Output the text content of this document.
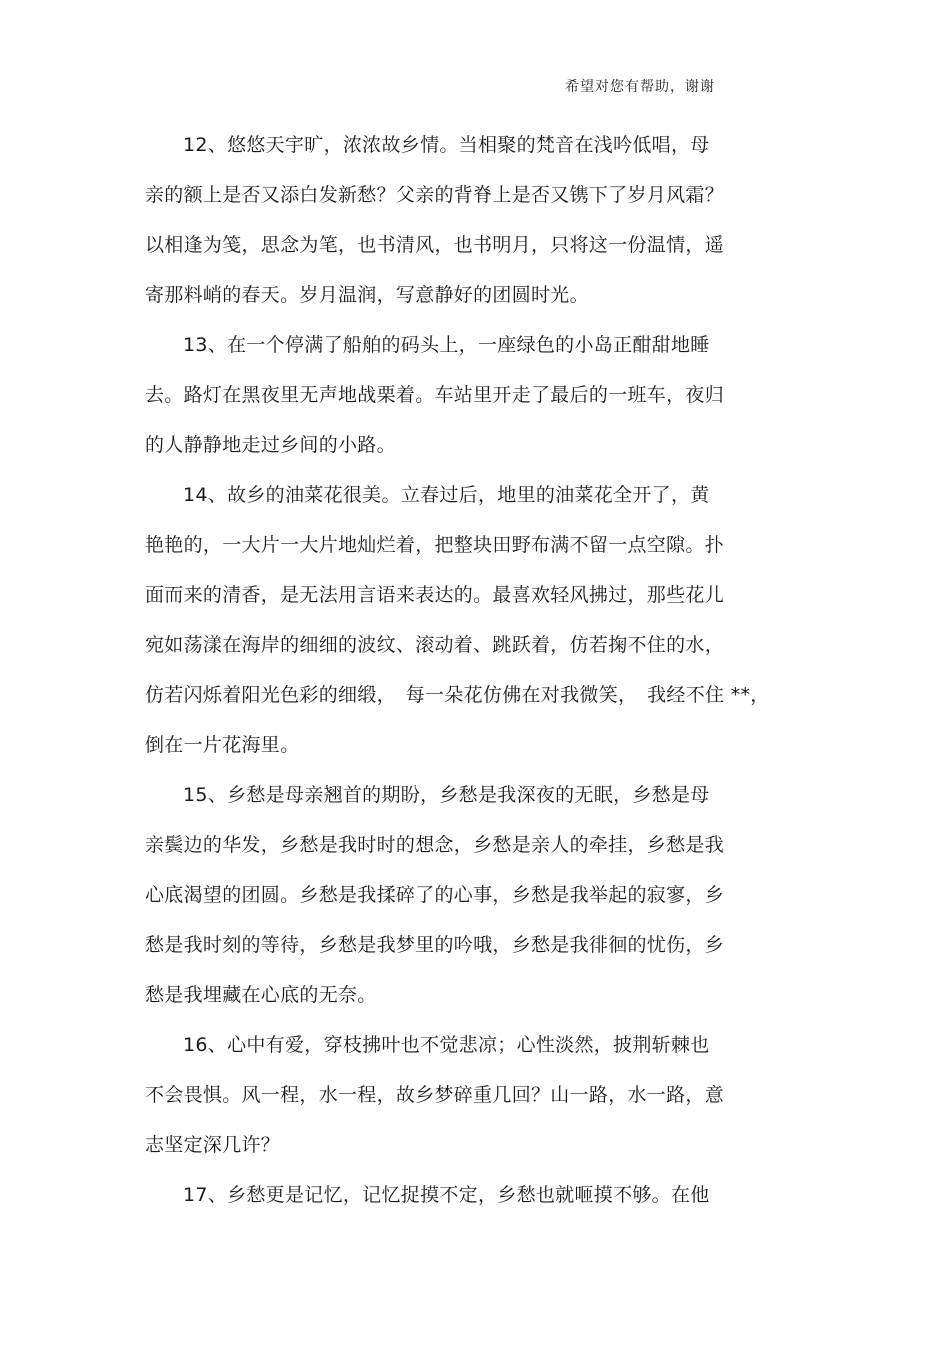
希望对您有帮助，谢谢
12、悠悠天宇旷，浓浓故乡情。当相聚的梵音在浅吟低唱，母
亲的额上是否又添白发新愁？父亲的背脊上是否又镌下了岁月风霜？
以相逢为笺，思念为笔，也书清风，也书明月，只将这一份温情，遥
寄那料峭的春天。岁月温润，写意静好的团圆时光。
13、在一个停满了船舶的码头上，一座绿色的小岛正酣甜地睡
去。路灯在黑夜里无声地战栗着。车站里开走了最后的一班车，夜归
的人静静地走过乡间的小路。
14、故乡的油菜花很美。立春过后，地里的油菜花全开了，黄
艳艳的，一大片一大片地灿烂着，把整块田野布满不留一点空隙。扑
面而来的清香，是无法用言语来表达的。最喜欢轻风拂过，那些花儿
宛如荡漾在海岸的细细的波纹、滚动着、跳跃着，仿若掬不住的水，
仿若闪烁着阳光色彩的细缎，　每一朵花仿佛在对我微笑，　我经不住 **，
倒在一片花海里。
15、乡愁是母亲翘首的期盼，乡愁是我深夜的无眠，乡愁是母
亲鬓边的华发，乡愁是我时时的想念，乡愁是亲人的牵挂，乡愁是我
心底渴望的团圆。乡愁是我揉碎了的心事，乡愁是我举起的寂寥，乡
愁是我时刻的等待，乡愁是我梦里的吟哦，乡愁是我徘徊的忧伤，乡
愁是我埋藏在心底的无奈。
16、心中有爱，穿枝拂叶也不觉悲凉；心性淡然，披荆斩棘也
不会畏惧。风一程，水一程，故乡梦碎重几回？山一路，水一路，意
志坚定深几许？
17、乡愁更是记忆，记忆捉摸不定，乡愁也就咂摸不够。在他
